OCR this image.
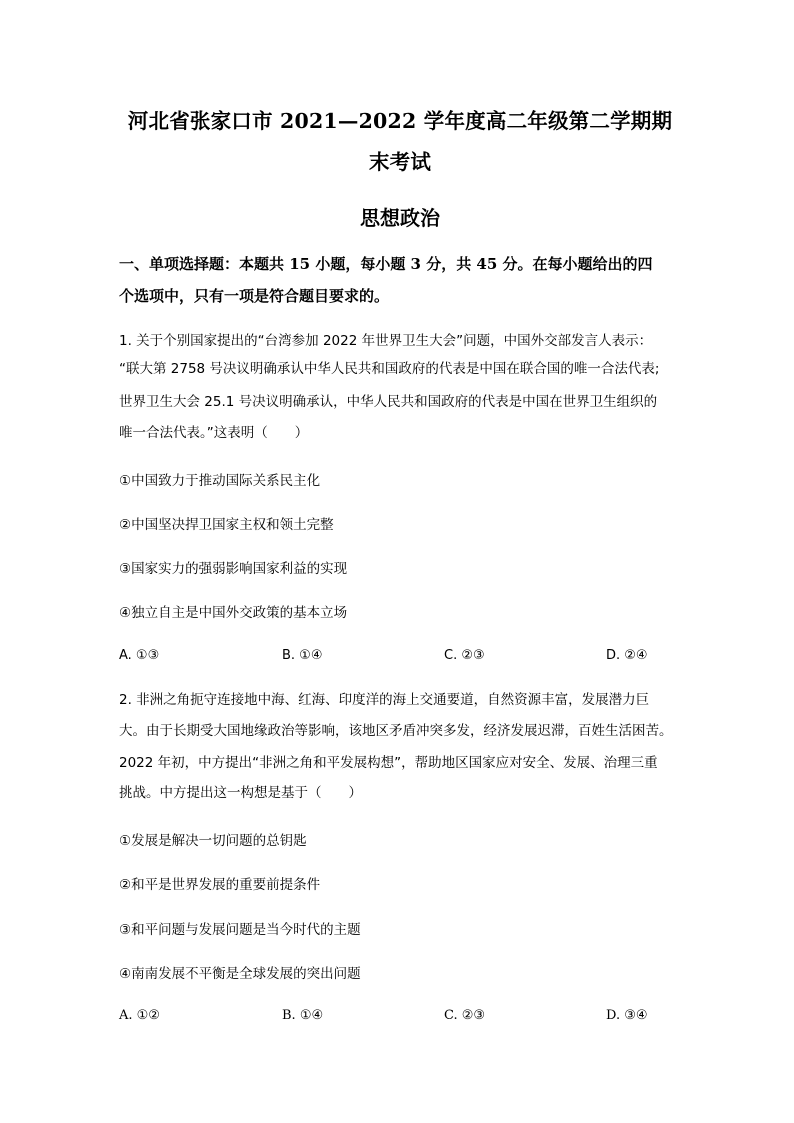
河北省张家口市 2021—2022 学年度高二年级第二学期期
末考试
思想政治
一、单项选择题：本题共 15 小题，每小题 3 分，共 45 分。在每小题给出的四
个选项中，只有一项是符合题目要求的。
1. 关于个别国家提出的“台湾参加 2022 年世界卫生大会”问题，中国外交部发言人表示：
“联大第 2758 号决议明确承认中华人民共和国政府的代表是中国在联合国的唯一合法代表;
世界卫生大会 25.1 号决议明确承认，中华人民共和国政府的代表是中国在世界卫生组织的
唯一合法代表。”这表明（　　）
①中国致力于推动国际关系民主化
②中国坚决捍卫国家主权和领土完整
③国家实力的强弱影响国家利益的实现
④独立自主是中国外交政策的基本立场
A. ①③	B. ①④	C. ②③	D. ②④
2. 非洲之角扼守连接地中海、红海、印度洋的海上交通要道，自然资源丰富，发展潜力巨
大。由于长期受大国地缘政治等影响，该地区矛盾冲突多发，经济发展迟滞，百姓生活困苦。
2022 年初，中方提出“非洲之角和平发展构想”，帮助地区国家应对安全、发展、治理三重
挑战。中方提出这一构想是基于（　　）
①发展是解决一切问题的总钥匙
②和平是世界发展的重要前提条件
③和平问题与发展问题是当今时代的主题
④南南发展不平衡是全球发展的突出问题
A. ①②	B. ①④	C. ②③	D. ③④
